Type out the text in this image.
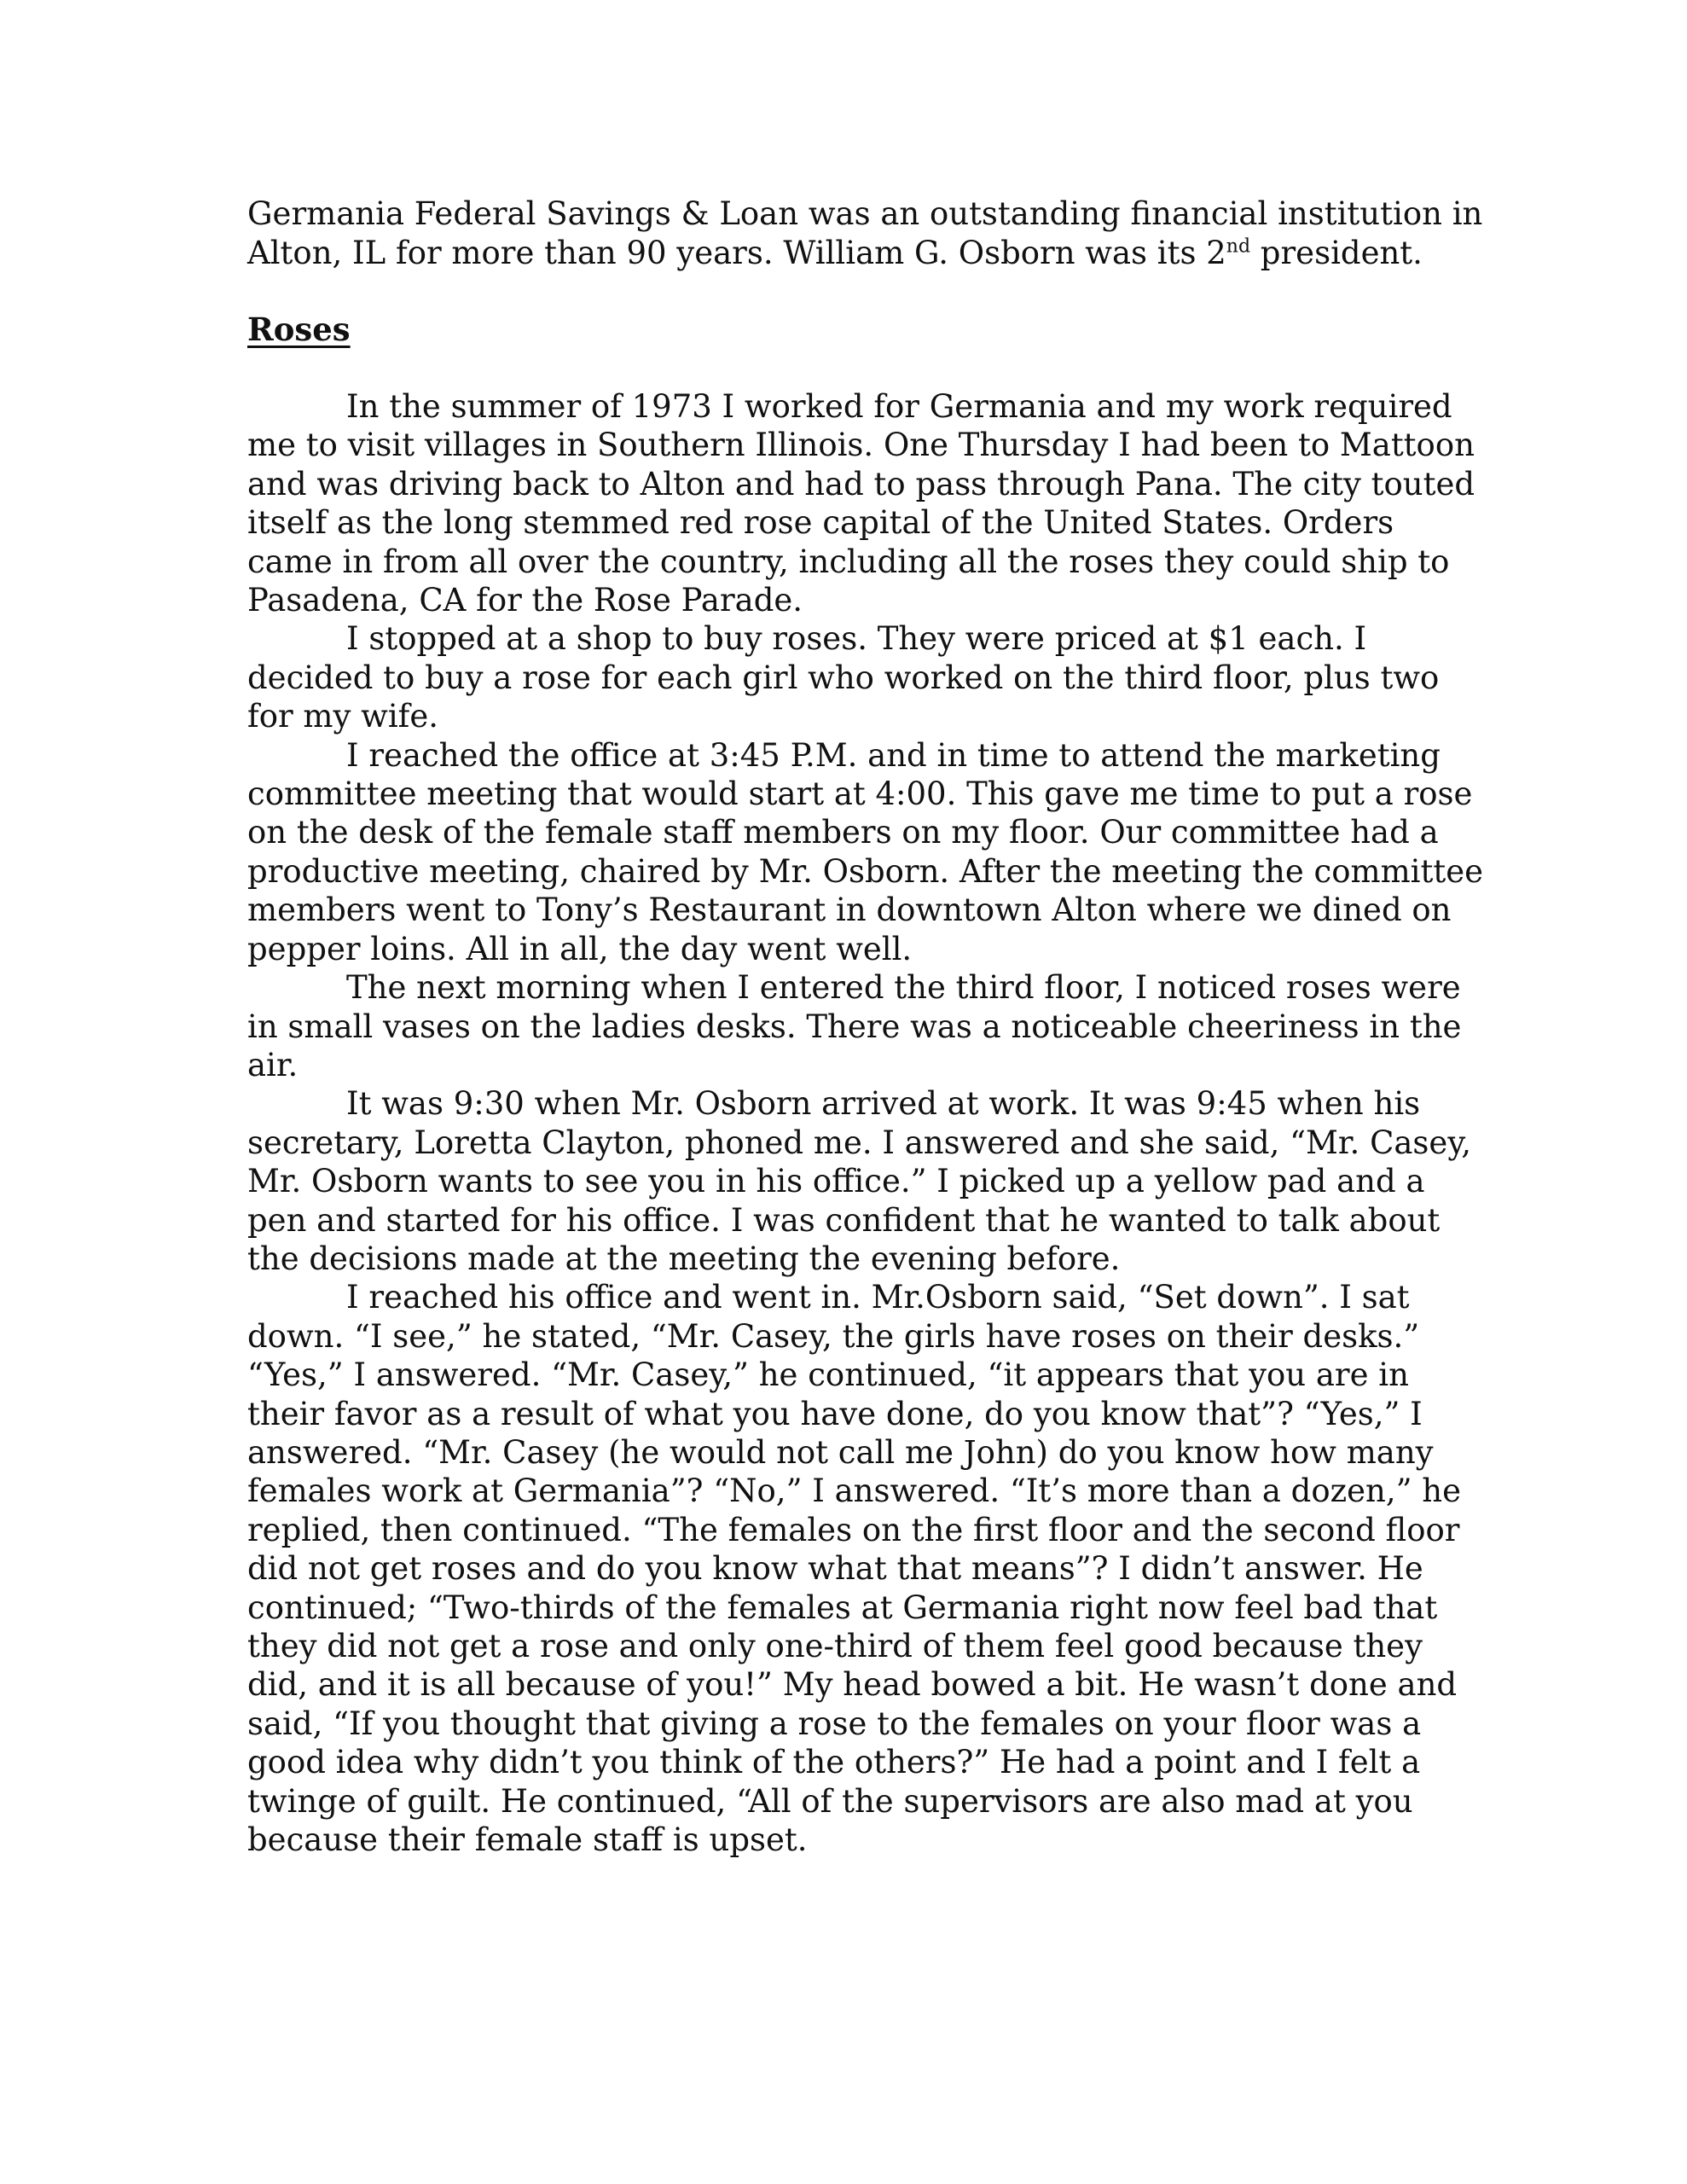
Germania Federal Savings & Loan was an outstanding financial institution in Alton, IL for more than 90 years. William G. Osborn was its 2nd president.

Roses

In the summer of 1973 I worked for Germania and my work required me to visit villages in Southern Illinois. One Thursday I had been to Mattoon and was driving back to Alton and had to pass through Pana. The city touted itself as the long stemmed red rose capital of the United States. Orders came in from all over the country, including all the roses they could ship to Pasadena, CA for the Rose Parade.

I stopped at a shop to buy roses. They were priced at $1 each. I decided to buy a rose for each girl who worked on the third floor, plus two for my wife.

I reached the office at 3:45 P.M. and in time to attend the marketing committee meeting that would start at 4:00. This gave me time to put a rose on the desk of the female staff members on my floor. Our committee had a productive meeting, chaired by Mr. Osborn. After the meeting the committee members went to Tony’s Restaurant in downtown Alton where we dined on pepper loins. All in all, the day went well.

The next morning when I entered the third floor, I noticed roses were in small vases on the ladies desks. There was a noticeable cheeriness in the air.

It was 9:30 when Mr. Osborn arrived at work. It was 9:45 when his secretary, Loretta Clayton, phoned me. I answered and she said, “Mr. Casey, Mr. Osborn wants to see you in his office.” I picked up a yellow pad and a pen and started for his office. I was confident that he wanted to talk about the decisions made at the meeting the evening before.

I reached his office and went in. Mr.Osborn said, “Set down”. I sat down. “I see,” he stated, “Mr. Casey, the girls have roses on their desks.” “Yes,” I answered. “Mr. Casey,” he continued, “it appears that you are in their favor as a result of what you have done, do you know that”? “Yes,” I answered. “Mr. Casey (he would not call me John) do you know how many females work at Germania”? “No,” I answered. “It’s more than a dozen,” he replied, then continued. “The females on the first floor and the second floor did not get roses and do you know what that means”? I didn’t answer. He continued; “Two-thirds of the females at Germania right now feel bad that they did not get a rose and only one-third of them feel good because they did, and it is all because of you!” My head bowed a bit. He wasn’t done and said, “If you thought that giving a rose to the females on your floor was a good idea why didn’t you think of the others?” He had a point and I felt a twinge of guilt. He continued, “All of the supervisors are also mad at you because their female staff is upset.
